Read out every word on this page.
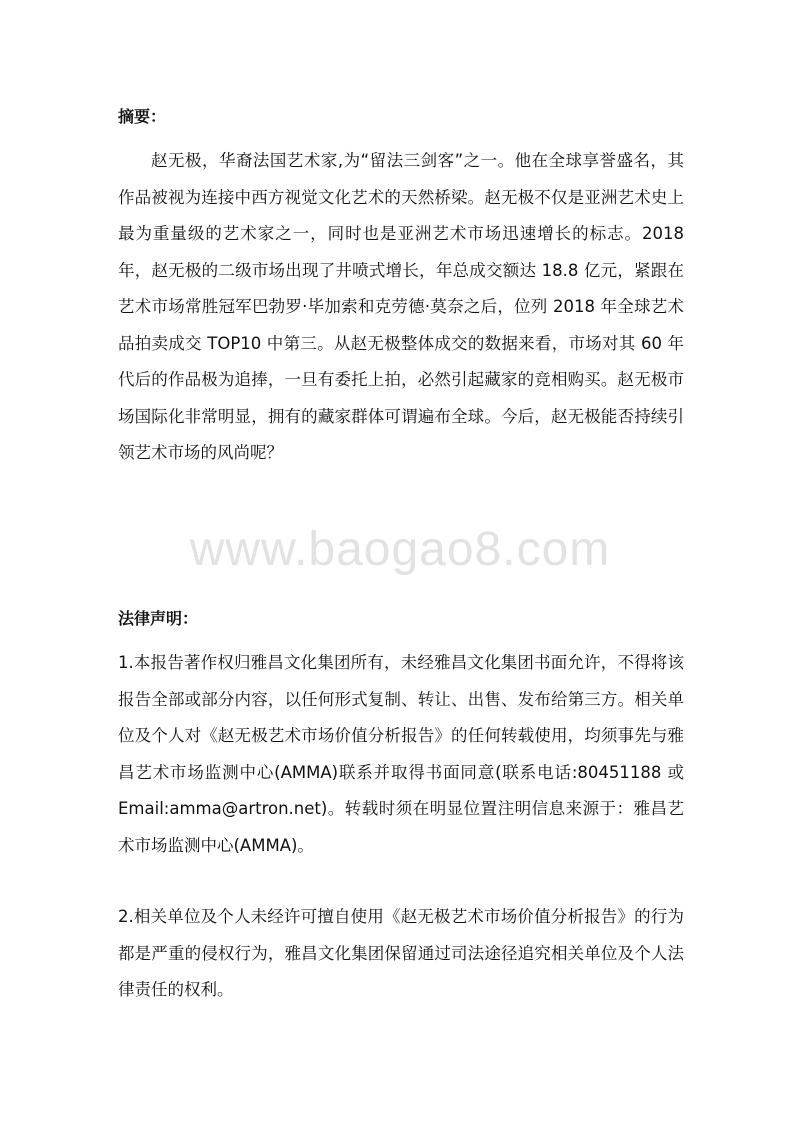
摘要：

赵无极，华裔法国艺术家,为“留法三剑客”之一。他在全球享誉盛名，其作品被视为连接中西方视觉文化艺术的天然桥梁。赵无极不仅是亚洲艺术史上最为重量级的艺术家之一，同时也是亚洲艺术市场迅速增长的标志。2018 年，赵无极的二级市场出现了井喷式增长，年总成交额达 18.8 亿元，紧跟在艺术市场常胜冠军巴勃罗·毕加索和克劳德·莫奈之后，位列 2018 年全球艺术品拍卖成交 TOP10 中第三。从赵无极整体成交的数据来看，市场对其 60 年代后的作品极为追捧，一旦有委托上拍，必然引起藏家的竞相购买。赵无极市场国际化非常明显，拥有的藏家群体可谓遍布全球。今后，赵无极能否持续引领艺术市场的风尚呢？

www.baogao8.com
法律声明：

1.本报告著作权归雅昌文化集团所有，未经雅昌文化集团书面允许，不得将该报告全部或部分内容，以任何形式复制、转让、出售、发布给第三方。相关单位及个人对《赵无极艺术市场价值分析报告》的任何转载使用，均须事先与雅昌艺术市场监测中心(AMMA)联系并取得书面同意(联系电话:80451188 或Email:amma@artron.net)。转载时须在明显位置注明信息来源于：雅昌艺术市场监测中心(AMMA)。

2.相关单位及个人未经许可擅自使用《赵无极艺术市场价值分析报告》的行为都是严重的侵权行为，雅昌文化集团保留通过司法途径追究相关单位及个人法律责任的权利。
